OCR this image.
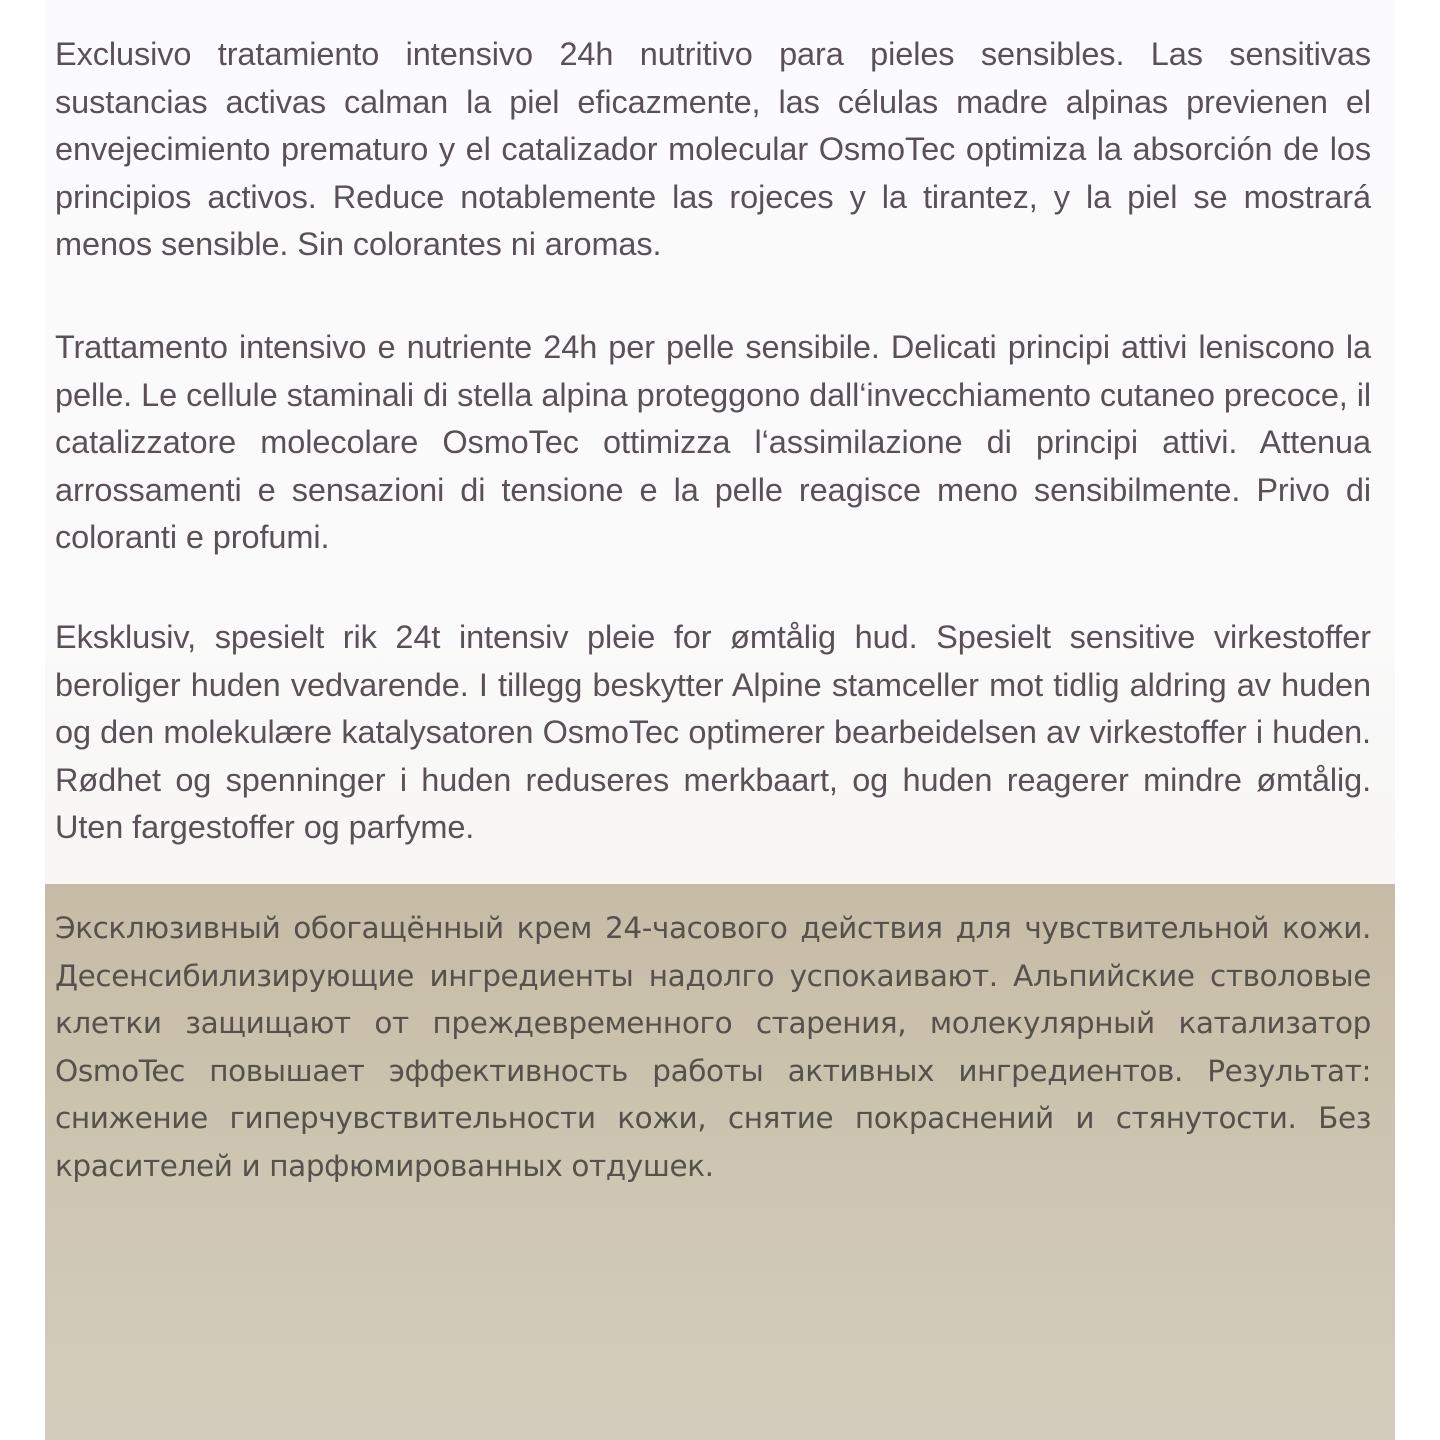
Exclusivo tratamiento intensivo 24h nutritivo para pieles sensibles. Las sensitivas sustancias activas calman la piel eficazmente, las células madre alpinas previenen el envejecimiento prematuro y el catalizador molecular OsmoTec optimiza la absorción de los principios activos. Reduce notablemente las rojeces y la tirantez, y la piel se mostrará menos sensible. Sin colorantes ni aromas.

Trattamento intensivo e nutriente 24h per pelle sensibile. Delicati principi attivi leniscono la pelle. Le cellule staminali di stella alpina proteggono dall‘invecchiamento cutaneo precoce, il catalizzatore molecolare OsmoTec ottimizza l‘assimilazione di principi attivi. Attenua arrossamenti e sensazioni di tensione e la pelle reagisce meno sensibilmente. Privo di coloranti e profumi.

Eksklusiv, spesielt rik 24t intensiv pleie for ømtålig hud. Spesielt sensitive virkestoffer beroliger huden vedvarende. I tillegg beskytter Alpine stamceller mot tidlig aldring av huden og den molekulære katalysatoren OsmoTec optimerer bearbeidelsen av virkestoffer i huden. Rødhet og spenninger i huden reduseres merkbaart, og huden reagerer mindre ømtålig. Uten fargestoffer og parfyme.

Эксклюзивный обогащённый крем 24-часового действия для чувствительной кожи. Десенсибилизирующие ингредиенты надолго успокаивают. Альпийские стволовые клетки защищают от преждевременного старения, молекулярный катализатор OsmoTec повышает эффективность работы активных ингредиентов. Результат: снижение гиперчувствительности кожи, снятие покраснений и стянутости. Без красителей и парфюмированных отдушек.
